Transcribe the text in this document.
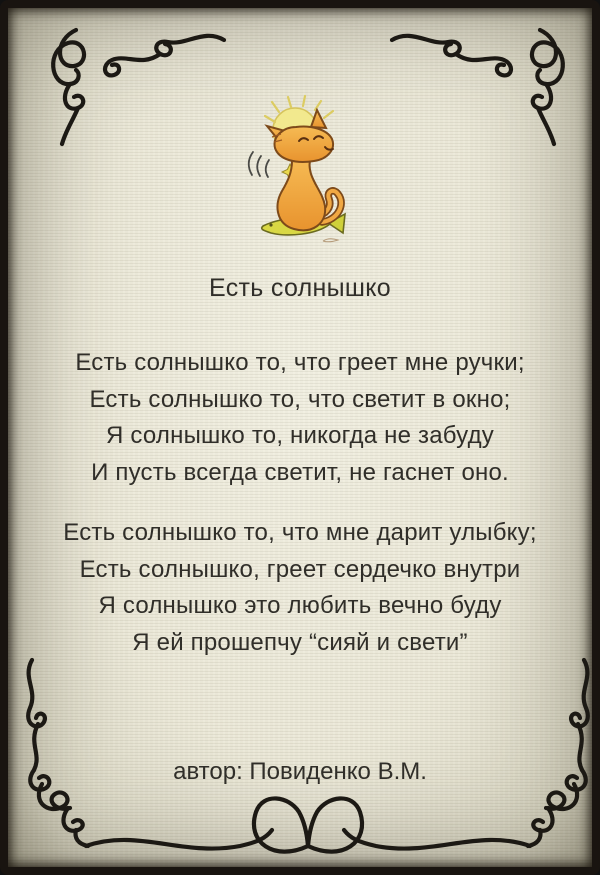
Есть солнышко
Есть солнышко то, что греет мне ручки;
Есть солнышко то, что светит в окно;
Я солнышко то, никогда не забуду
И пусть всегда светит, не гаснет оно.
Есть солнышко то, что мне дарит улыбку;
Есть солнышко, греет сердечко внутри
Я солнышко это любить вечно буду
Я ей прошепчу “сияй и свети”
автор: Повиденко В.М.
